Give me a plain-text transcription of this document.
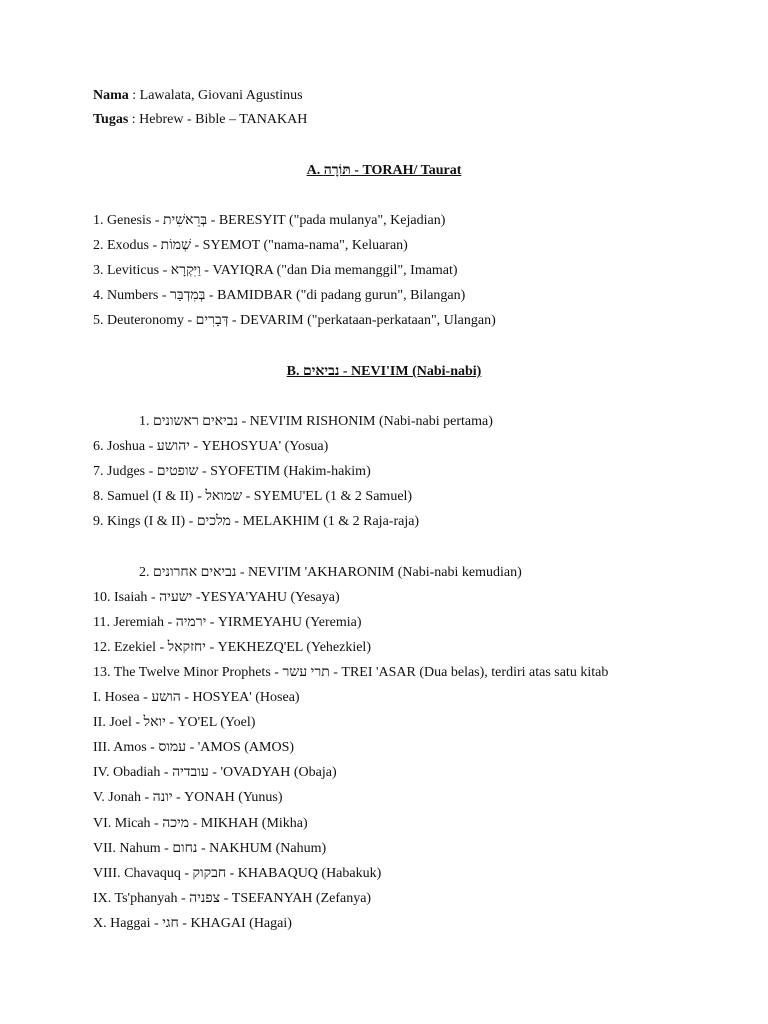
Nama : Lawalata, Giovani Agustinus
Tugas : Hebrew - Bible – TANAKAH
A. תּוֹרָה - TORAH/ Taurat
1. Genesis - בְּרֵאשִׁית - BERESYIT ("pada mulanya", Kejadian)
2. Exodus - שְׁמוֹת - SYEMOT ("nama-nama", Keluaran)
3. Leviticus - וַיִּקְרָא - VAYIQRA ("dan Dia memanggil", Imamat)
4. Numbers - בְּמִדְבַּר - BAMIDBAR ("di padang gurun", Bilangan)
5. Deuteronomy - דְּבָרִים - DEVARIM ("perkataan-perkataan", Ulangan)
B. נביאים - NEVI'IM (Nabi-nabi)
1. נביאים ראשונים - NEVI'IM RISHONIM (Nabi-nabi pertama)
6. Joshua - יהושע - YEHOSYUA' (Yosua)
7. Judges - שופטים - SYOFETIM (Hakim-hakim)
8. Samuel (I & II) - שמואל - SYEMU'EL (1 & 2 Samuel)
9. Kings (I & II) - מלכים - MELAKHIM (1 & 2 Raja-raja)
2. נביאים אחרונים - NEVI'IM 'AKHARONIM (Nabi-nabi kemudian)
10. Isaiah - ישעיה -YESYA'YAHU (Yesaya)
11. Jeremiah - ירמיה - YIRMEYAHU (Yeremia)
12. Ezekiel - יחזקאל - YEKHEZQ'EL (Yehezkiel)
13. The Twelve Minor Prophets - תרי עשר - TREI 'ASAR (Dua belas), terdiri atas satu kitab
I. Hosea - הושע - HOSYEA' (Hosea)
II. Joel - יואל - YO'EL (Yoel)
III. Amos - עמוס - 'AMOS (AMOS)
IV. Obadiah - עובדיה - 'OVADYAH (Obaja)
V. Jonah - יונה - YONAH (Yunus)
VI. Micah - מיכה - MIKHAH (Mikha)
VII. Nahum - נחום - NAKHUM (Nahum)
VIII. Chavaquq - חבקוק - KHABAQUQ (Habakuk)
IX. Ts'phanyah - צפניה - TSEFANYAH (Zefanya)
X. Haggai - חגי - KHAGAI (Hagai)
